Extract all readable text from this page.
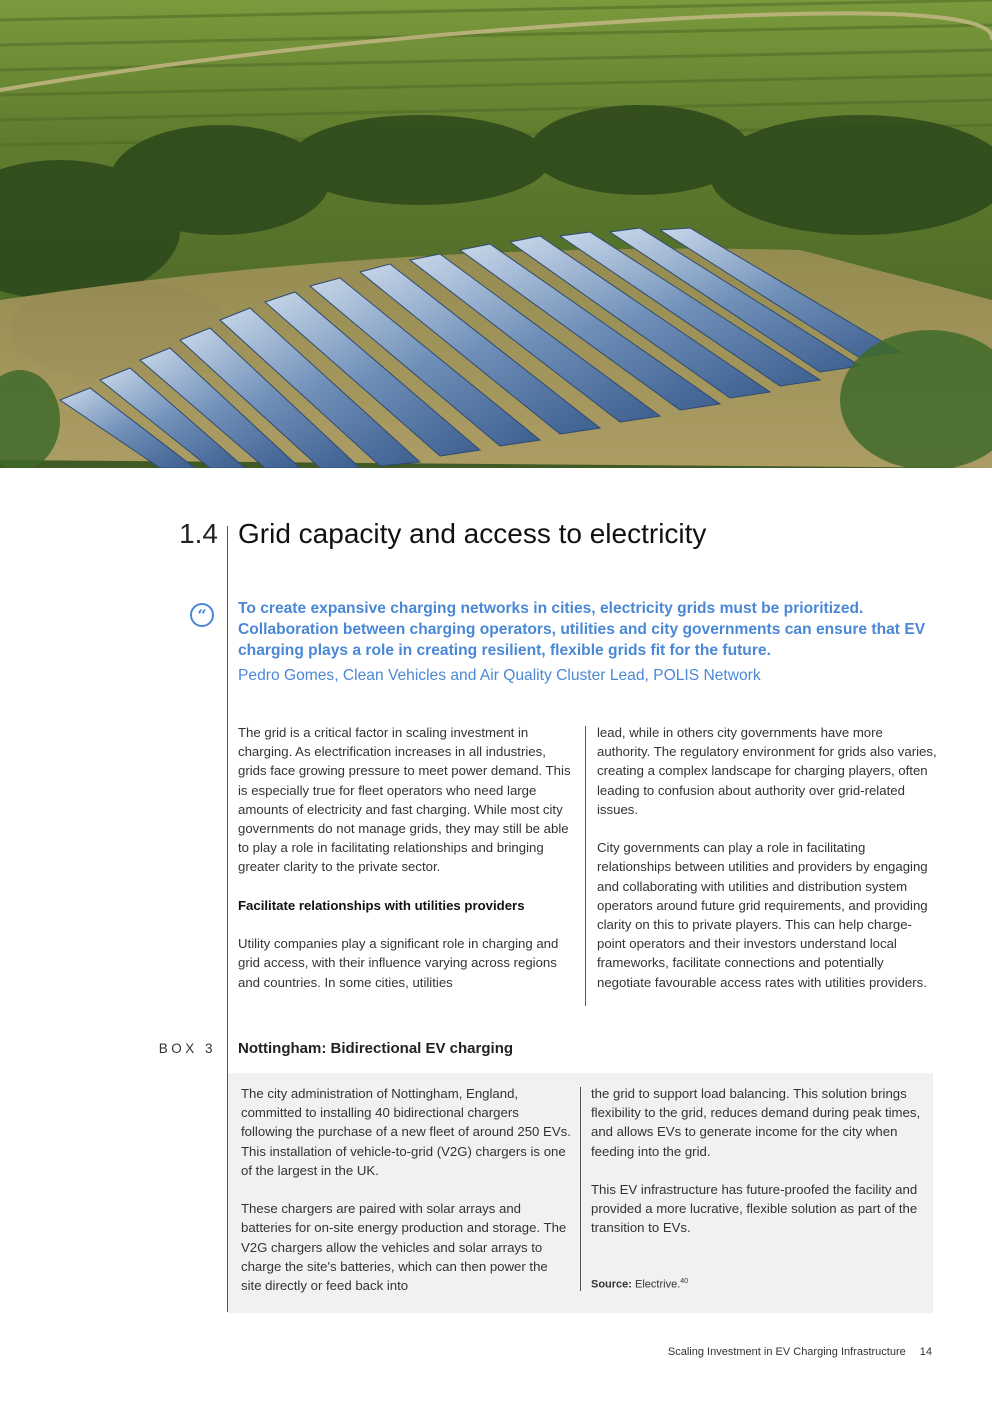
1.4 Grid capacity and access to electricity
“	To create expansive charging networks in cities, electricity grids must be prioritized. Collaboration between charging operators, utilities and city governments can ensure that EV charging plays a role in creating resilient, flexible grids fit for the future.

Pedro Gomes, Clean Vehicles and Air Quality Cluster Lead, POLIS Network

The grid is a critical factor in scaling investment in charging. As electrification increases in all industries, grids face growing pressure to meet power demand. This is especially true for fleet operators who need large amounts of electricity and fast charging. While most city governments do not manage grids, they may still be able to play a role in facilitating relationships and bringing greater clarity to the private sector.

Facilitate relationships with utilities providers

Utility companies play a significant role in charging and grid access, with their influence varying across regions and countries. In some cities, utilities

lead, while in others city governments have more authority. The regulatory environment for grids also varies, creating a complex landscape for charging players, often leading to confusion about authority over grid-related issues.

City governments can play a role in facilitating relationships between utilities and providers by engaging and collaborating with utilities and distribution system operators around future grid requirements, and providing clarity on this to private players. This can help charge-point operators and their investors understand local frameworks, facilitate connections and potentially negotiate favourable access rates with utilities providers.

BOX 3 Nottingham: Bidirectional EV charging

The city administration of Nottingham, England, committed to installing 40 bidirectional chargers following the purchase of a new fleet of around 250 EVs. This installation of vehicle-to-grid (V2G) chargers is one of the largest in the UK.

These chargers are paired with solar arrays and batteries for on-site energy production and storage. The V2G chargers allow the vehicles and solar arrays to charge the site's batteries, which can then power the site directly or feed back into

the grid to support load balancing. This solution brings flexibility to the grid, reduces demand during peak times, and allows EVs to generate income for the city when feeding into the grid.

This EV infrastructure has future-proofed the facility and provided a more lucrative, flexible solution as part of the transition to EVs.

Source: Electrive.$^{40}$
Scaling Investment in EV Charging Infrastructure 14
